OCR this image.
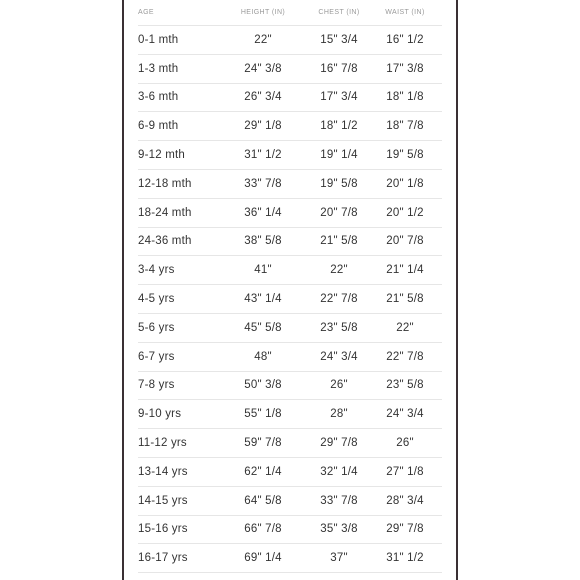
AGE	HEIGHT (IN)	CHEST (IN)	WAIST (IN)
0-1 mth	22"	15" 3/4	16" 1/2
1-3 mth	24" 3/8	16" 7/8	17" 3/8
3-6 mth	26" 3/4	17" 3/4	18" 1/8
6-9 mth	29" 1/8	18" 1/2	18" 7/8
9-12 mth	31" 1/2	19" 1/4	19" 5/8
12-18 mth	33" 7/8	19" 5/8	20" 1/8
18-24 mth	36" 1/4	20" 7/8	20" 1/2
24-36 mth	38" 5/8	21" 5/8	20" 7/8
3-4 yrs	41"	22"	21" 1/4
4-5 yrs	43" 1/4	22" 7/8	21" 5/8
5-6 yrs	45" 5/8	23" 5/8	22"
6-7 yrs	48"	24" 3/4	22" 7/8
7-8 yrs	50" 3/8	26"	23" 5/8
9-10 yrs	55" 1/8	28"	24" 3/4
11-12 yrs	59" 7/8	29" 7/8	26"
13-14 yrs	62" 1/4	32" 1/4	27" 1/8
14-15 yrs	64" 5/8	33" 7/8	28" 3/4
15-16 yrs	66" 7/8	35" 3/8	29" 7/8
16-17 yrs	69" 1/4	37"	31" 1/2
